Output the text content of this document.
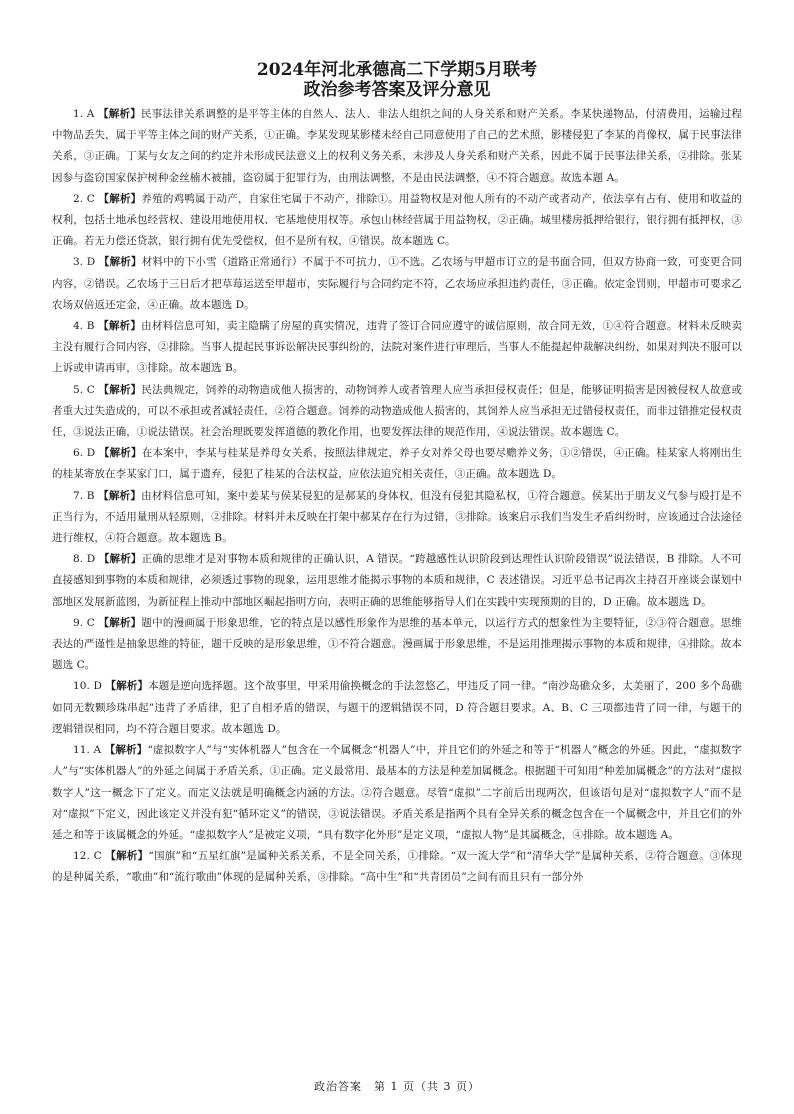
2024年河北承德高二下学期5月联考
政治参考答案及评分意见

1. A 【解析】民事法律关系调整的是平等主体的自然人、法人、非法人组织之间的人身关系和财产关系。李某快递物品，付清费用，运输过程中物品丢失，属于平等主体之间的财产关系，①正确。李某发现某影楼未经自己同意使用了自己的艺术照，影楼侵犯了李某的肖像权，属于民事法律关系，③正确。丁某与女友之间的约定并未形成民法意义上的权利义务关系，未涉及人身关系和财产关系，因此不属于民事法律关系，②排除。张某因参与盗窃国家保护树种金丝楠木被捕，盗窃属于犯罪行为，由刑法调整，不是由民法调整，④不符合题意。故选本题 A。

2. C 【解析】养殖的鸡鸭属于动产，自家住宅属于不动产，排除①。用益物权是对他人所有的不动产或者动产，依法享有占有、使用和收益的权利，包括土地承包经营权、建设用地使用权、宅基地使用权等。承包山林经营属于用益物权，②正确。城里楼房抵押给银行，银行拥有抵押权，③正确。若无力偿还贷款，银行拥有优先受偿权，但不是所有权，④错误。故本题选 C。

3. D 【解析】材料中的下小雪（道路正常通行）不属于不可抗力，①不选。乙农场与甲超市订立的是书面合同，但双方协商一致，可变更合同内容，②错误。乙农场于三日后才把草莓运送至甲超市，实际履行与合同约定不符，乙农场应承担违约责任，③正确。依定金罚则，甲超市可要求乙农场双倍返还定金，④正确。故本题选 D。

4. B 【解析】由材料信息可知，卖主隐瞒了房屋的真实情况，违背了签订合同应遵守的诚信原则，故合同无效，①④符合题意。材料未反映卖主没有履行合同内容，②排除。当事人提起民事诉讼解决民事纠纷的，法院对案件进行审理后，当事人不能提起仲裁解决纠纷，如果对判决不服可以上诉或申请再审，③排除。故本题选 B。

5. C 【解析】民法典规定，饲养的动物造成他人损害的，动物饲养人或者管理人应当承担侵权责任；但是，能够证明损害是因被侵权人故意或者重大过失造成的，可以不承担或者减轻责任，②符合题意。饲养的动物造成他人损害的，其饲养人应当承担无过错侵权责任，而非过错推定侵权责任，③说法正确，①说法错误。社会治理既要发挥道德的教化作用，也要发挥法律的规范作用，④说法错误。故本题选 C。

6. D 【解析】在本案中，李某与桂某是养母女关系，按照法律规定，养子女对养父母也要尽赡养义务，①②错误，④正确。桂某家人将刚出生的桂某寄放在李某家门口，属于遗弃，侵犯了桂某的合法权益，应依法追究相关责任，③正确。故本题选 D。

7. B 【解析】由材料信息可知，案中姜某与侯某侵犯的是郝某的身体权，但没有侵犯其隐私权，①符合题意。侯某出于朋友义气参与殴打是不正当行为，不适用量刑从轻原则，②排除。材料并未反映在打架中郝某存在行为过错，③排除。该案启示我们当发生矛盾纠纷时，应该通过合法途径进行维权，④符合题意。故本题选 B。

8. D 【解析】正确的思维才是对事物本质和规律的正确认识，A 错误。“跨越感性认识阶段到达理性认识阶段错误”说法错误，B 排除。人不可直接感知到事物的本质和规律，必须透过事物的现象，运用思维才能揭示事物的本质和规律，C 表述错误。习近平总书记再次主持召开座谈会谋划中部地区发展新蓝图，为新征程上推动中部地区崛起指明方向，表明正确的思维能够指导人们在实践中实现预期的目的，D 正确。故本题选 D。

9. C 【解析】题中的漫画属于形象思维，它的特点是以感性形象作为思维的基本单元，以运行方式的想象性为主要特征，②③符合题意。思维表达的严谨性是抽象思维的特征，题干反映的是形象思维，①不符合题意。漫画属于形象思维，不是运用推理揭示事物的本质和规律，④排除。故本题选 C。

10. D 【解析】本题是逆向选择题。这个故事里，甲采用偷换概念的手法忽悠乙，甲违反了同一律。“南沙岛礁众多，太美丽了，200 多个岛礁如同无数颗珍珠串起”违背了矛盾律，犯了自相矛盾的错误，与题干的逻辑错误不同，D 符合题目要求。A、B、C 三项都违背了同一律，与题干的逻辑错误相同，均不符合题目要求。故本题选 D。

11. A 【解析】“虚拟数字人”与“实体机器人”包含在一个属概念“机器人”中，并且它们的外延之和等于“机器人”概念的外延。因此，“虚拟数字人”与“实体机器人”的外延之间属于矛盾关系，①正确。定义最常用、最基本的方法是种差加属概念。根据题干可知用“种差加属概念”的方法对“虚拟数字人”这一概念下了定义。而定义法就是明确概念内涵的方法。②符合题意。尽管“虚拟”二字前后出现两次，但该语句是对“虚拟数字人”而不是对“虚拟”下定义，因此该定义并没有犯“循环定义”的错误，③说法错误。矛盾关系是指两个具有全异关系的概念包含在一个属概念中，并且它们的外延之和等于该属概念的外延。“虚拟数字人”是被定义项，“具有数字化外形”是定义项，“虚拟人物”是其属概念，④排除。故本题选 A。

12. C 【解析】“国旗”和“五星红旗”是属种关系关系，不是全同关系，①排除。“双一流大学”和“清华大学”是属种关系，②符合题意。③体现的是种属关系，“歌曲”和“流行歌曲”体现的是属种关系，③排除。“高中生”和“共青团员”之间有而且只有一部分外

政治答案　第 1 页（共 3 页）
